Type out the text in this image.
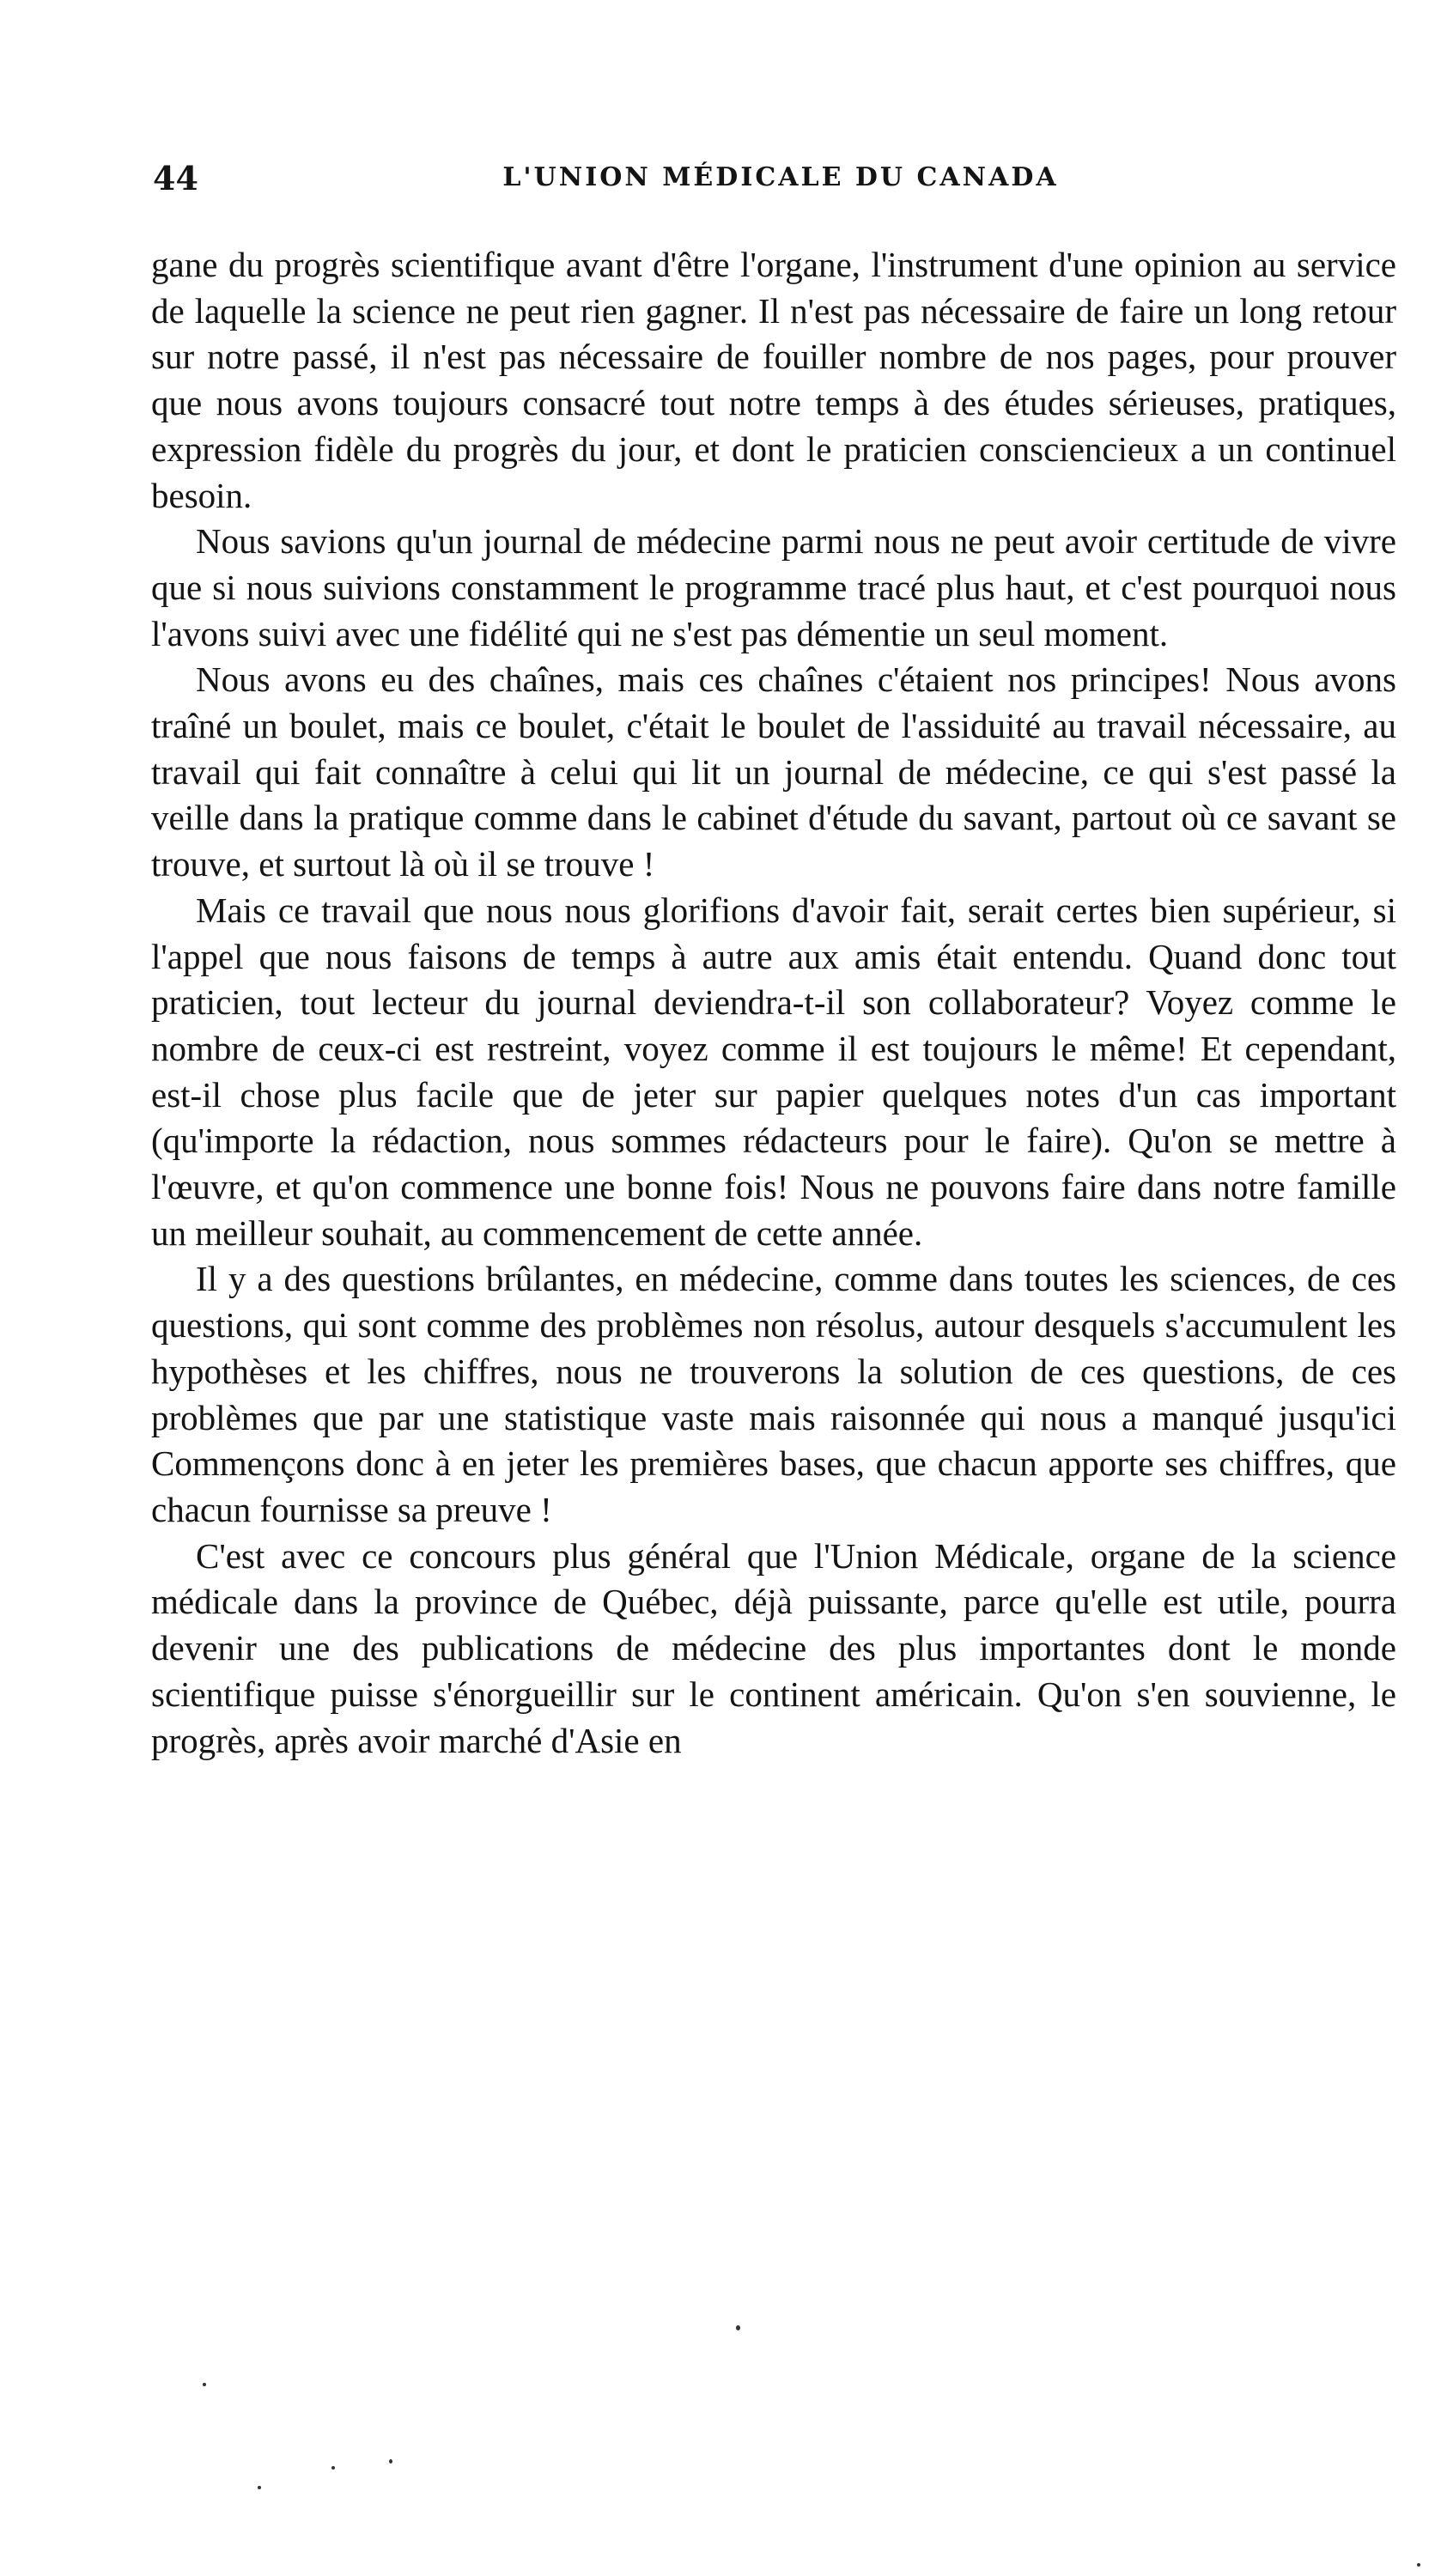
44	L'UNION MÉDICALE DU CANADA

gane du progrès scientifique avant d'être l'organe, l'instrument d'une opinion au service de laquelle la science ne peut rien gagner. Il n'est pas nécessaire de faire un long retour sur notre passé, il n'est pas nécessaire de fouiller nombre de nos pages, pour prouver que nous avons toujours consacré tout notre temps à des études sérieuses, pratiques, expression fidèle du progrès du jour, et dont le praticien consciencieux a un continuel besoin.

Nous savions qu'un journal de médecine parmi nous ne peut avoir certitude de vivre que si nous suivions constamment le programme tracé plus haut, et c'est pourquoi nous l'avons suivi avec une fidélité qui ne s'est pas démentie un seul moment.

Nous avons eu des chaînes, mais ces chaînes c'étaient nos principes! Nous avons traîné un boulet, mais ce boulet, c'était le boulet de l'assiduité au travail nécessaire, au travail qui fait connaître à celui qui lit un journal de médecine, ce qui s'est passé la veille dans la pratique comme dans le cabinet d'étude du savant, partout où ce savant se trouve, et surtout là où il se trouve !

Mais ce travail que nous nous glorifions d'avoir fait, serait certes bien supérieur, si l'appel que nous faisons de temps à autre aux amis était entendu. Quand donc tout praticien, tout lecteur du journal deviendra-t-il son collaborateur? Voyez comme le nombre de ceux-ci est restreint, voyez comme il est toujours le même! Et cependant, est-il chose plus facile que de jeter sur papier quelques notes d'un cas important (qu'importe la rédaction, nous sommes rédacteurs pour le faire). Qu'on se mettre à l'œuvre, et qu'on commence une bonne fois! Nous ne pouvons faire dans notre famille un meilleur souhait, au commencement de cette année.

Il y a des questions brûlantes, en médecine, comme dans toutes les sciences, de ces questions, qui sont comme des problèmes non résolus, autour desquels s'accumulent les hypothèses et les chiffres, nous ne trouverons la solution de ces questions, de ces problèmes que par une statistique vaste mais raisonnée qui nous a manqué jusqu'ici Commençons donc à en jeter les premières bases, que chacun apporte ses chiffres, que chacun fournisse sa preuve !

C'est avec ce concours plus général que l'Union Médicale, organe de la science médicale dans la province de Québec, déjà puissante, parce qu'elle est utile, pourra devenir une des publications de médecine des plus importantes dont le monde scientifique puisse s'énorgueillir sur le continent américain. Qu'on s'en souvienne, le progrès, après avoir marché d'Asie en
